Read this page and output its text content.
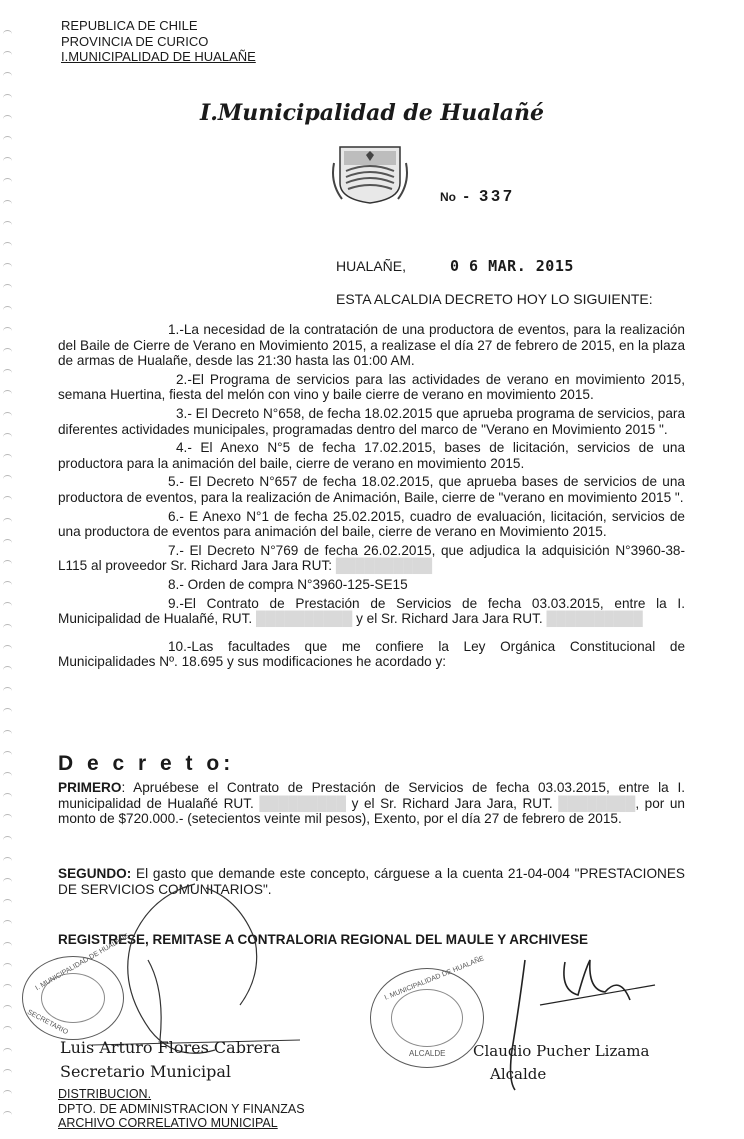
REPUBLICA DE CHILE
PROVINCIA DE CURICO
I.MUNICIPALIDAD DE HUALAÑE
I.Municipalidad de Hualañé
No - 337
HUALAÑE,	0 6 MAR. 2015
ESTA ALCALDIA DECRETO HOY LO SIGUIENTE:

1.-La necesidad de la contratación de una productora de eventos, para la realización del Baile de Cierre de Verano en Movimiento 2015, a realizase el día 27 de febrero de 2015, en la plaza de armas de Hualañe, desde las 21:30 hasta las 01:00 AM.

2.-El Programa de servicios para las actividades de verano en movimiento 2015, semana Huertina, fiesta del melón con vino y baile cierre de verano en movimiento 2015.

3.- El Decreto N°658, de fecha 18.02.2015 que aprueba programa de servicios, para diferentes actividades municipales, programadas dentro del marco de "Verano en Movimiento 2015 ".

4.- El Anexo N°5 de fecha 17.02.2015, bases de licitación, servicios de una productora para la animación del baile, cierre de verano en movimiento 2015.

5.- El Decreto N°657 de fecha 18.02.2015, que aprueba bases de servicios de una productora de eventos, para la realización de Animación, Baile, cierre de "verano en movimiento 2015 ".

6.- E Anexo N°1 de fecha 25.02.2015, cuadro de evaluación, licitación, servicios de una productora de eventos para animación del baile, cierre de verano en Movimiento 2015.

7.- El Decreto N°769 de fecha 26.02.2015, que adjudica la adquisición N°3960-38-L115 al proveedor Sr. Richard Jara Jara RUT: ██████████

8.- Orden de compra N°3960-125-SE15

9.-El Contrato de Prestación de Servicios de fecha 03.03.2015, entre la I. Municipalidad de Hualañé, RUT. ██████████ y el Sr. Richard Jara Jara RUT. ██████████

10.-Las facultades que me confiere la Ley Orgánica Constitucional de Municipalidades Nº. 18.695 y sus modificaciones he acordado y:

D e c r e t o:
PRIMERO: Apruébese el Contrato de Prestación de Servicios de fecha 03.03.2015, entre la I. municipalidad de Hualañé RUT. █████████ y el Sr. Richard Jara Jara, RUT. ████████, por un monto de $720.000.- (setecientos veinte mil pesos), Exento, por el día 27 de febrero de 2015.
SEGUNDO: El gasto que demande este concepto, cárguese a la cuenta 21-04-004 "PRESTACIONES DE SERVICIOS COMUNITARIOS".
REGISTRESE, REMITASE A CONTRALORIA REGIONAL DEL MAULE Y ARCHIVESE
I. MUNICIPALIDAD DE HUALAÑE
SECRETARIO
I. MUNICIPALIDAD DE HUALAÑE
ALCALDE
Luis Arturo Flores Cabrera
Secretario Municipal
Claudio Pucher Lizama
Alcalde
DISTRIBUCION.
DPTO. DE ADMINISTRACION Y FINANZAS
ARCHIVO CORRELATIVO MUNICIPAL
